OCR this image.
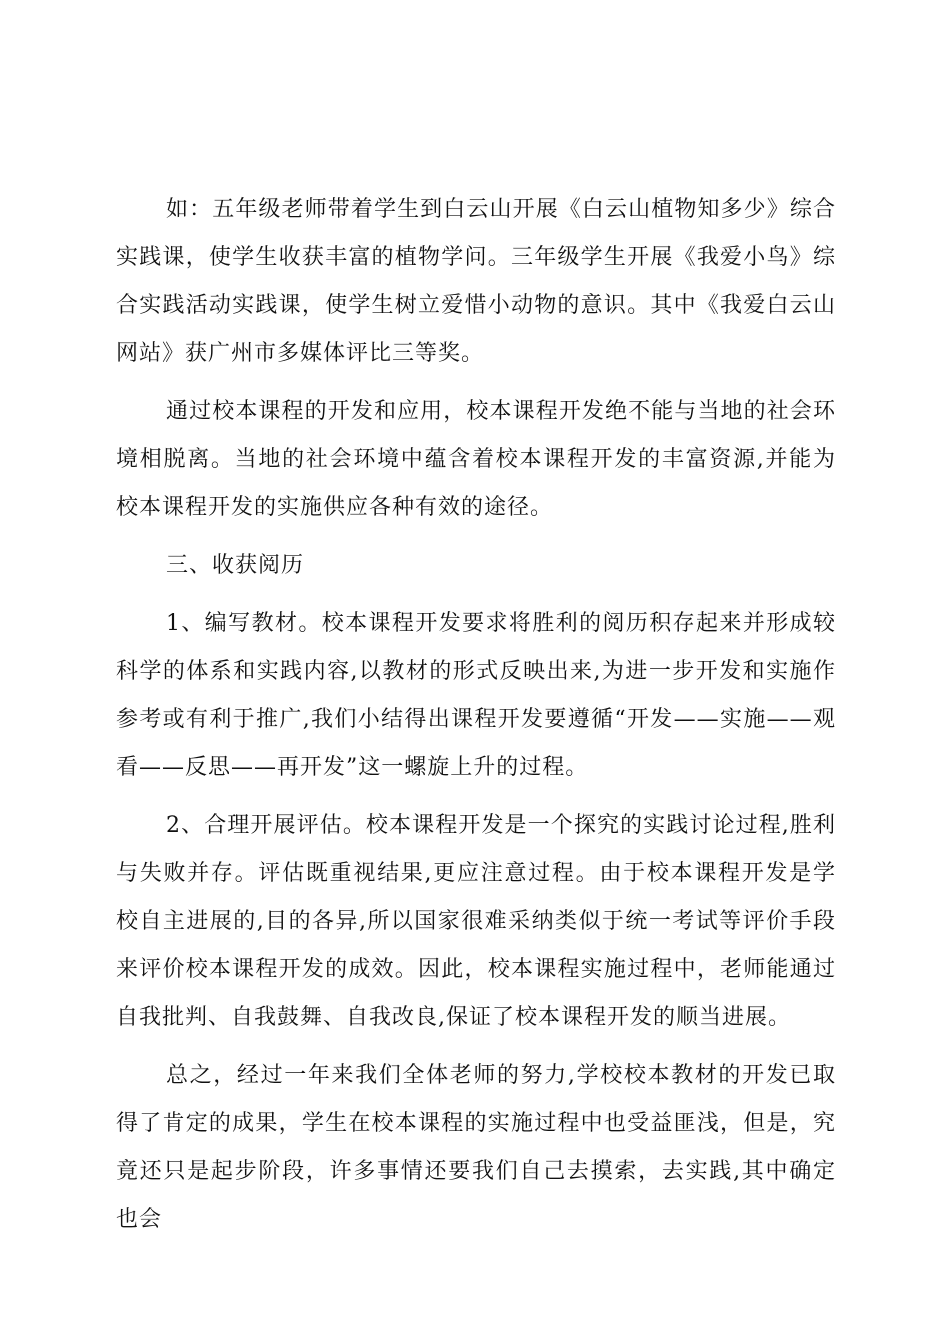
如：五年级老师带着学生到白云山开展《白云山植物知多少》综合实践课，使学生收获丰富的植物学问。三年级学生开展《我爱小鸟》综合实践活动实践课，使学生树立爱惜小动物的意识。其中《我爱白云山网站》获广州市多媒体评比三等奖。

通过校本课程的开发和应用，校本课程开发绝不能与当地的社会环境相脱离。当地的社会环境中蕴含着校本课程开发的丰富资源,并能为校本课程开发的实施供应各种有效的途径。

三、收获阅历

1、编写教材。校本课程开发要求将胜利的阅历积存起来并形成较科学的体系和实践内容,以教材的形式反映出来,为进一步开发和实施作参考或有利于推广,我们小结得出课程开发要遵循“开发——实施——观看——反思——再开发”这一螺旋上升的过程。

2、合理开展评估。校本课程开发是一个探究的实践讨论过程,胜利与失败并存。评估既重视结果,更应注意过程。由于校本课程开发是学校自主进展的,目的各异,所以国家很难采纳类似于统一考试等评价手段来评价校本课程开发的成效。因此，校本课程实施过程中，老师能通过自我批判、自我鼓舞、自我改良,保证了校本课程开发的顺当进展。

总之，经过一年来我们全体老师的努力,学校校本教材的开发已取得了肯定的成果，学生在校本课程的实施过程中也受益匪浅，但是，究竟还只是起步阶段，许多事情还要我们自己去摸索，去实践,其中确定也会
